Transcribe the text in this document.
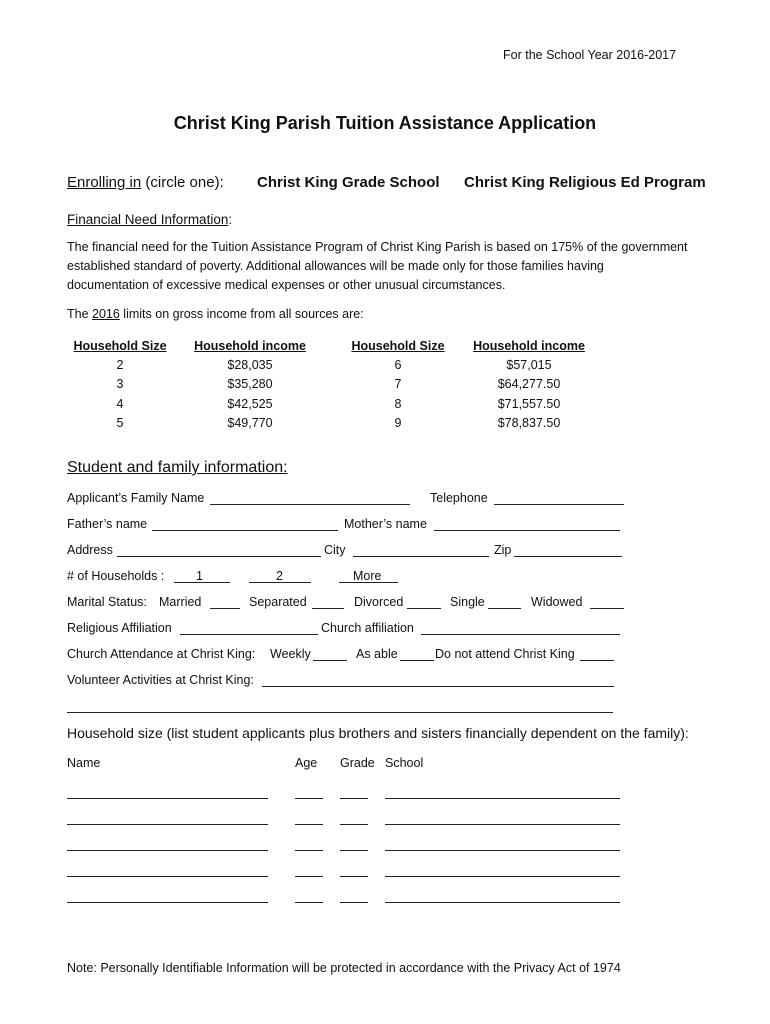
For the School Year 2016-2017
Christ King Parish Tuition Assistance Application
Enrolling in (circle one): Christ King Grade School Christ King Religious Ed Program
Financial Need Information:
The financial need for the Tuition Assistance Program of Christ King Parish is based on 175% of the government
established standard of poverty. Additional allowances will be made only for those families having
documentation of excessive medical expenses or other unusual circumstances.
The 2016 limits on gross income from all sources are:
Household Size	Household income	Household Size	Household income
2	$28,035	6	$57,015
3	$35,280	7	$64,277.50
4	$42,525	8	$71,557.50
5	$49,770	9	$78,837.50
Student and family information:
Applicant’s Family Name	Telephone
Father’s name	Mother’s name
Address	City	Zip
# of Households :	1	2	More
Marital Status: Married	Separated	Divorced	Single	Widowed
Religious Affiliation	Church affiliation
Church Attendance at Christ King: Weekly	As able	Do not attend Christ King
Volunteer Activities at Christ King:
Household size (list student applicants plus brothers and sisters financially dependent on the family):
Name	Age Grade School
Note: Personally Identifiable Information will be protected in accordance with the Privacy Act of 1974
